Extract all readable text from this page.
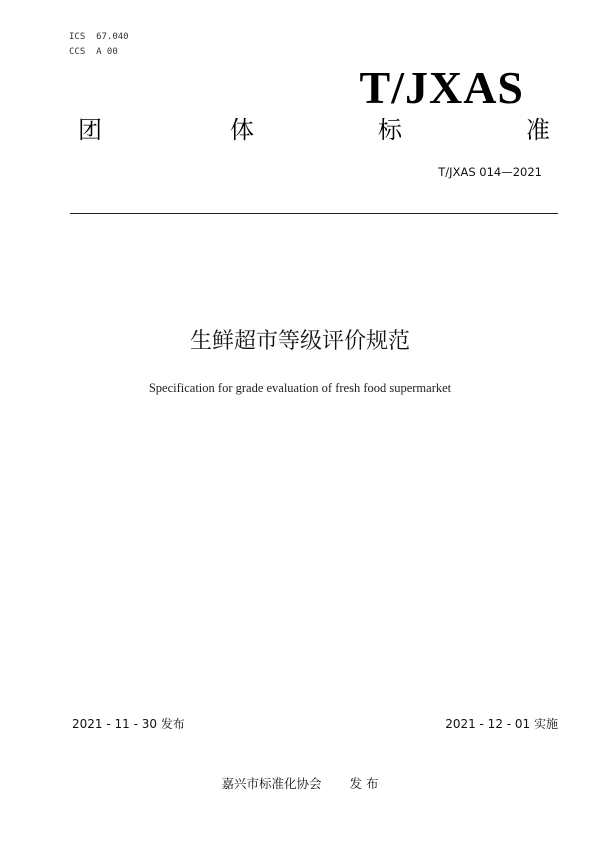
ICS  67.040
CCS  A 00
T/JXAS
团	体	标	准
T/JXAS 014—2021
生鲜超市等级评价规范
Specification for grade evaluation of fresh food supermarket
2021 - 11 - 30 发布	2021 - 12 - 01 实施
嘉兴市标准化协会 发 布
